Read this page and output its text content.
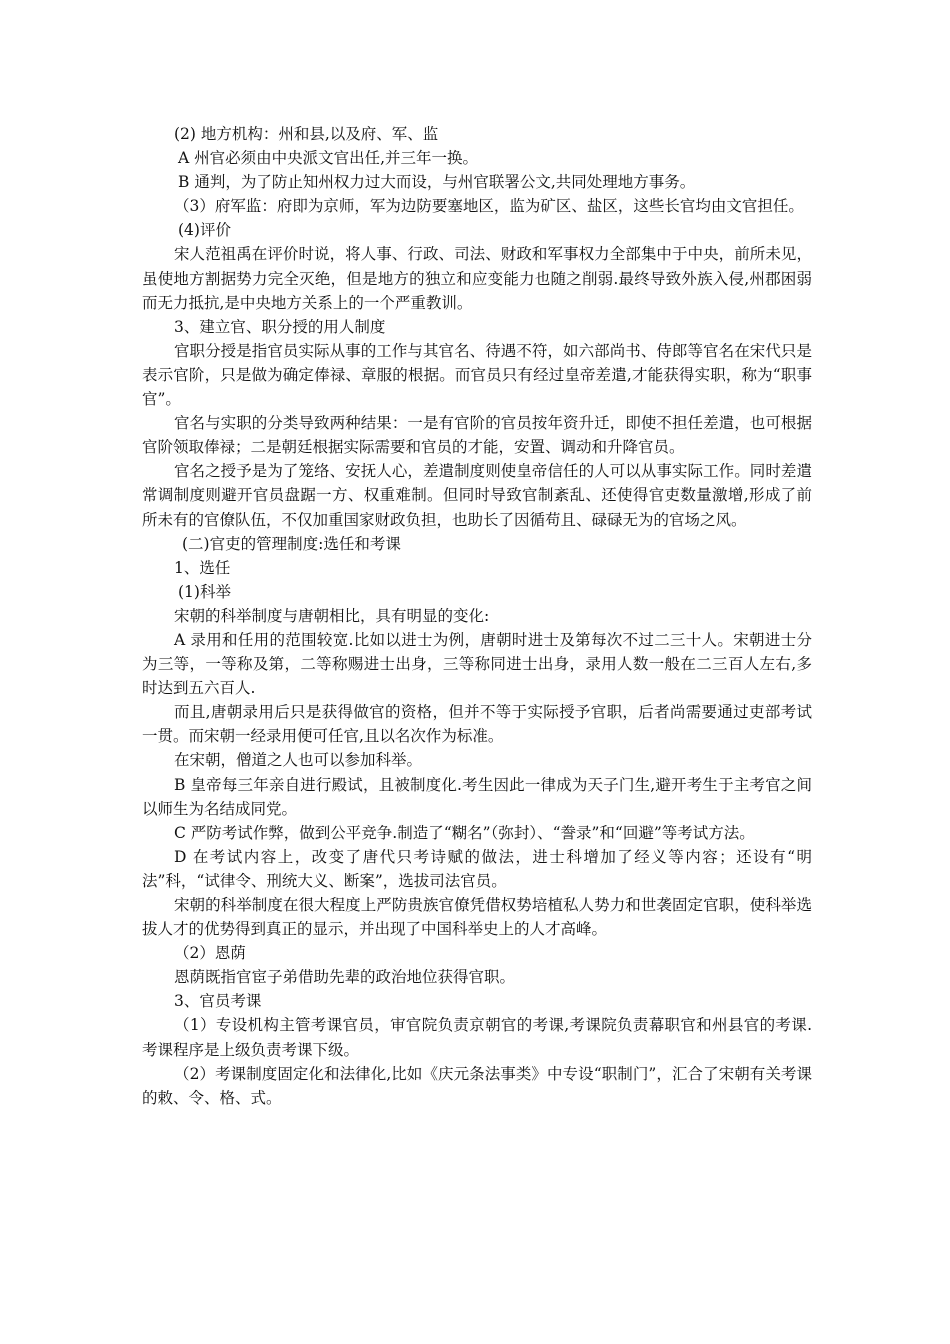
(2) 地方机构：州和县,以及府、军、监

A 州官必须由中央派文官出任,并三年一换。

B 通判，为了防止知州权力过大而设，与州官联署公文,共同处理地方事务。

（3）府军监：府即为京师，军为边防要塞地区，监为矿区、盐区，这些长官均由文官担任。

(4)评价

宋人范祖禹在评价时说，将人事、行政、司法、财政和军事权力全部集中于中央，前所未见，虽使地方割据势力完全灭绝，但是地方的独立和应变能力也随之削弱.最终导致外族入侵,州郡困弱而无力抵抗,是中央地方关系上的一个严重教训。

3、建立官、职分授的用人制度

官职分授是指官员实际从事的工作与其官名、待遇不符，如六部尚书、侍郎等官名在宋代只是表示官阶，只是做为确定俸禄、章服的根据。而官员只有经过皇帝差遣,才能获得实职，称为“职事官”。

官名与实职的分类导致两种结果：一是有官阶的官员按年资升迁，即使不担任差遣，也可根据官阶领取俸禄；二是朝廷根据实际需要和官员的才能，安置、调动和升降官员。

官名之授予是为了笼络、安抚人心，差遣制度则使皇帝信任的人可以从事实际工作。同时差遣常调制度则避开官员盘踞一方、权重难制。但同时导致官制紊乱、还使得官吏数量激增,形成了前所未有的官僚队伍，不仅加重国家财政负担，也助长了因循苟且、碌碌无为的官场之风。

(二)官吏的管理制度:选任和考课

1、选任

(1)科举

宋朝的科举制度与唐朝相比，具有明显的变化:

A 录用和任用的范围较宽.比如以进士为例，唐朝时进士及第每次不过二三十人。宋朝进士分为三等，一等称及第，二等称赐进士出身，三等称同进士出身，录用人数一般在二三百人左右,多时达到五六百人.

而且,唐朝录用后只是获得做官的资格，但并不等于实际授予官职，后者尚需要通过吏部考试一贯。而宋朝一经录用便可任官,且以名次作为标准。

在宋朝，僧道之人也可以参加科举。

B 皇帝每三年亲自进行殿试，且被制度化.考生因此一律成为天子门生,避开考生于主考官之间以师生为名结成同党。

C 严防考试作弊，做到公平竞争.制造了“糊名”（弥封）、“誊录”和“回避”等考试方法。

D 在考试内容上，改变了唐代只考诗赋的做法，进士科增加了经义等内容；还设有“明法”科，“试律令、刑统大义、断案”，选拔司法官员。

宋朝的科举制度在很大程度上严防贵族官僚凭借权势培植私人势力和世袭固定官职，使科举选拔人才的优势得到真正的显示，并出现了中国科举史上的人才高峰。

（2）恩荫

恩荫既指官宦子弟借助先辈的政治地位获得官职。

3、官员考课

（1）专设机构主管考课官员，审官院负责京朝官的考课,考课院负责幕职官和州县官的考课.考课程序是上级负责考课下级。

（2）考课制度固定化和法律化,比如《庆元条法事类》中专设“职制门”，汇合了宋朝有关考课的敕、令、格、式。
